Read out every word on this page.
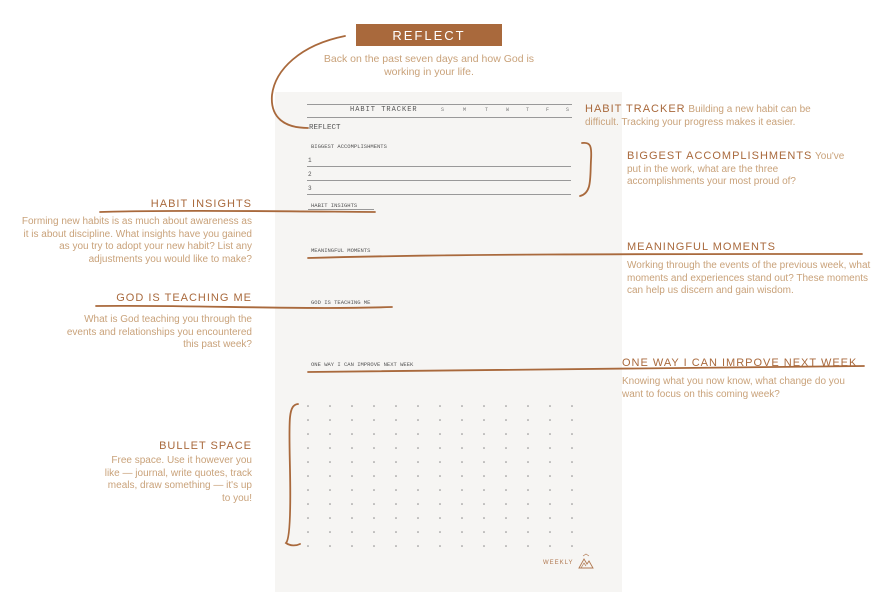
REFLECT
Back on the past seven days and how God is working in your life.
HABIT TRACKER	S	M	T	W	T	F	S
REFLECT
BIGGEST ACCOMPLISHMENTS
1
2
3
HABIT INSIGHTS
MEANINGFUL MOMENTS
GOD IS TEACHING ME
ONE WAY I CAN IMPROVE NEXT WEEK
WEEKLY
HABIT TRACKER Building a new habit can be difficult. Tracking your progress makes it easier.
BIGGEST ACCOMPLISHMENTS You've put in the work, what are the three accomplishments your most proud of?
MEANINGFUL MOMENTS
Working through the events of the previous week, what moments and experiences stand out? These moments can help us discern and gain wisdom.
ONE WAY I CAN IMRPOVE NEXT WEEK
Knowing what you now know, what change do you want to focus on this coming week?
HABIT INSIGHTS
Forming new habits is as much about awareness as it is about discipline. What insights have you gained as you try to adopt your new habit? List any adjustments you would like to make?
GOD IS TEACHING ME
What is God teaching you through the events and relationships you encountered this past week?
BULLET SPACE
Free space. Use it however you like — journal, write quotes, track meals, draw something — it's up to you!
